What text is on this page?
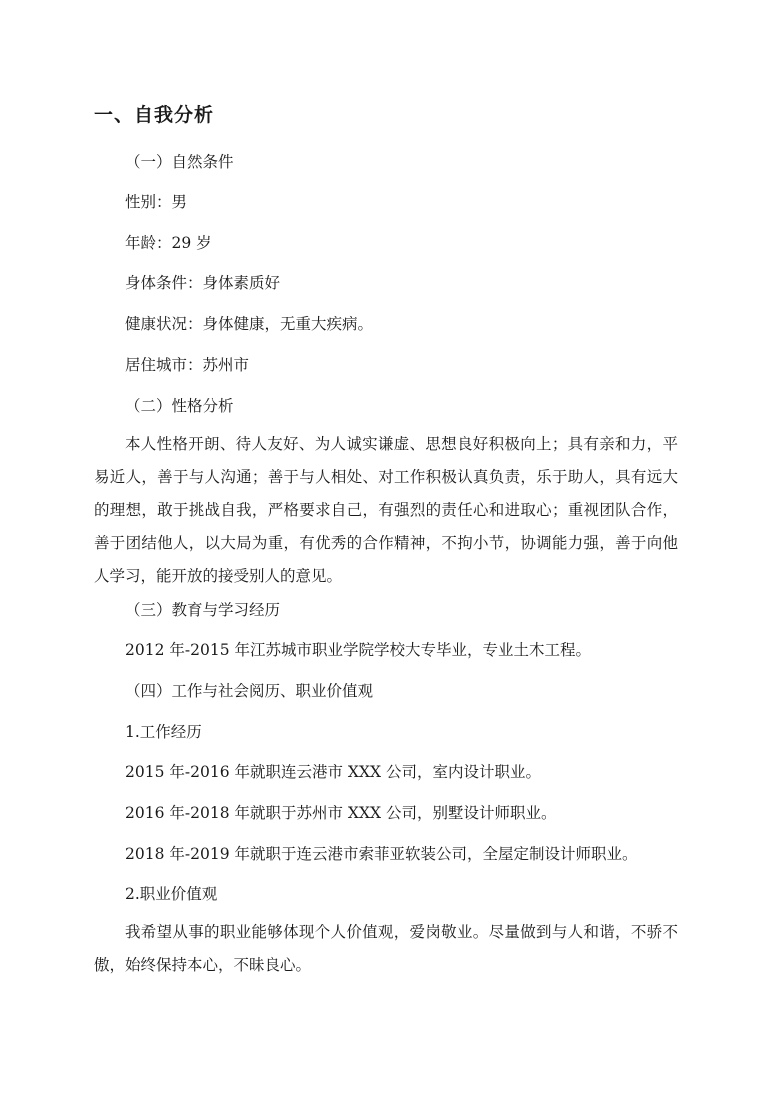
一、自我分析
（一）自然条件
性别：男
年龄：29 岁
身体条件：身体素质好
健康状况：身体健康，无重大疾病。
居住城市：苏州市
（二）性格分析

本人性格开朗、待人友好、为人诚实谦虚、思想良好积极向上；具有亲和力，平易近人，善于与人沟通；善于与人相处、对工作积极认真负责，乐于助人，具有远大的理想，敢于挑战自我，严格要求自己，有强烈的责任心和进取心；重视团队合作，善于团结他人，以大局为重，有优秀的合作精神，不拘小节，协调能力强，善于向他人学习，能开放的接受别人的意见。

（三）教育与学习经历
2012 年-2015 年江苏城市职业学院学校大专毕业，专业土木工程。
（四）工作与社会阅历、职业价值观
1.工作经历
2015 年-2016 年就职连云港市 XXX 公司，室内设计职业。
2016 年-2018 年就职于苏州市 XXX 公司，别墅设计师职业。
2018 年-2019 年就职于连云港市索菲亚软装公司，全屋定制设计师职业。
2.职业价值观

我希望从事的职业能够体现个人价值观，爱岗敬业。尽量做到与人和谐，不骄不傲，始终保持本心，不昧良心。
